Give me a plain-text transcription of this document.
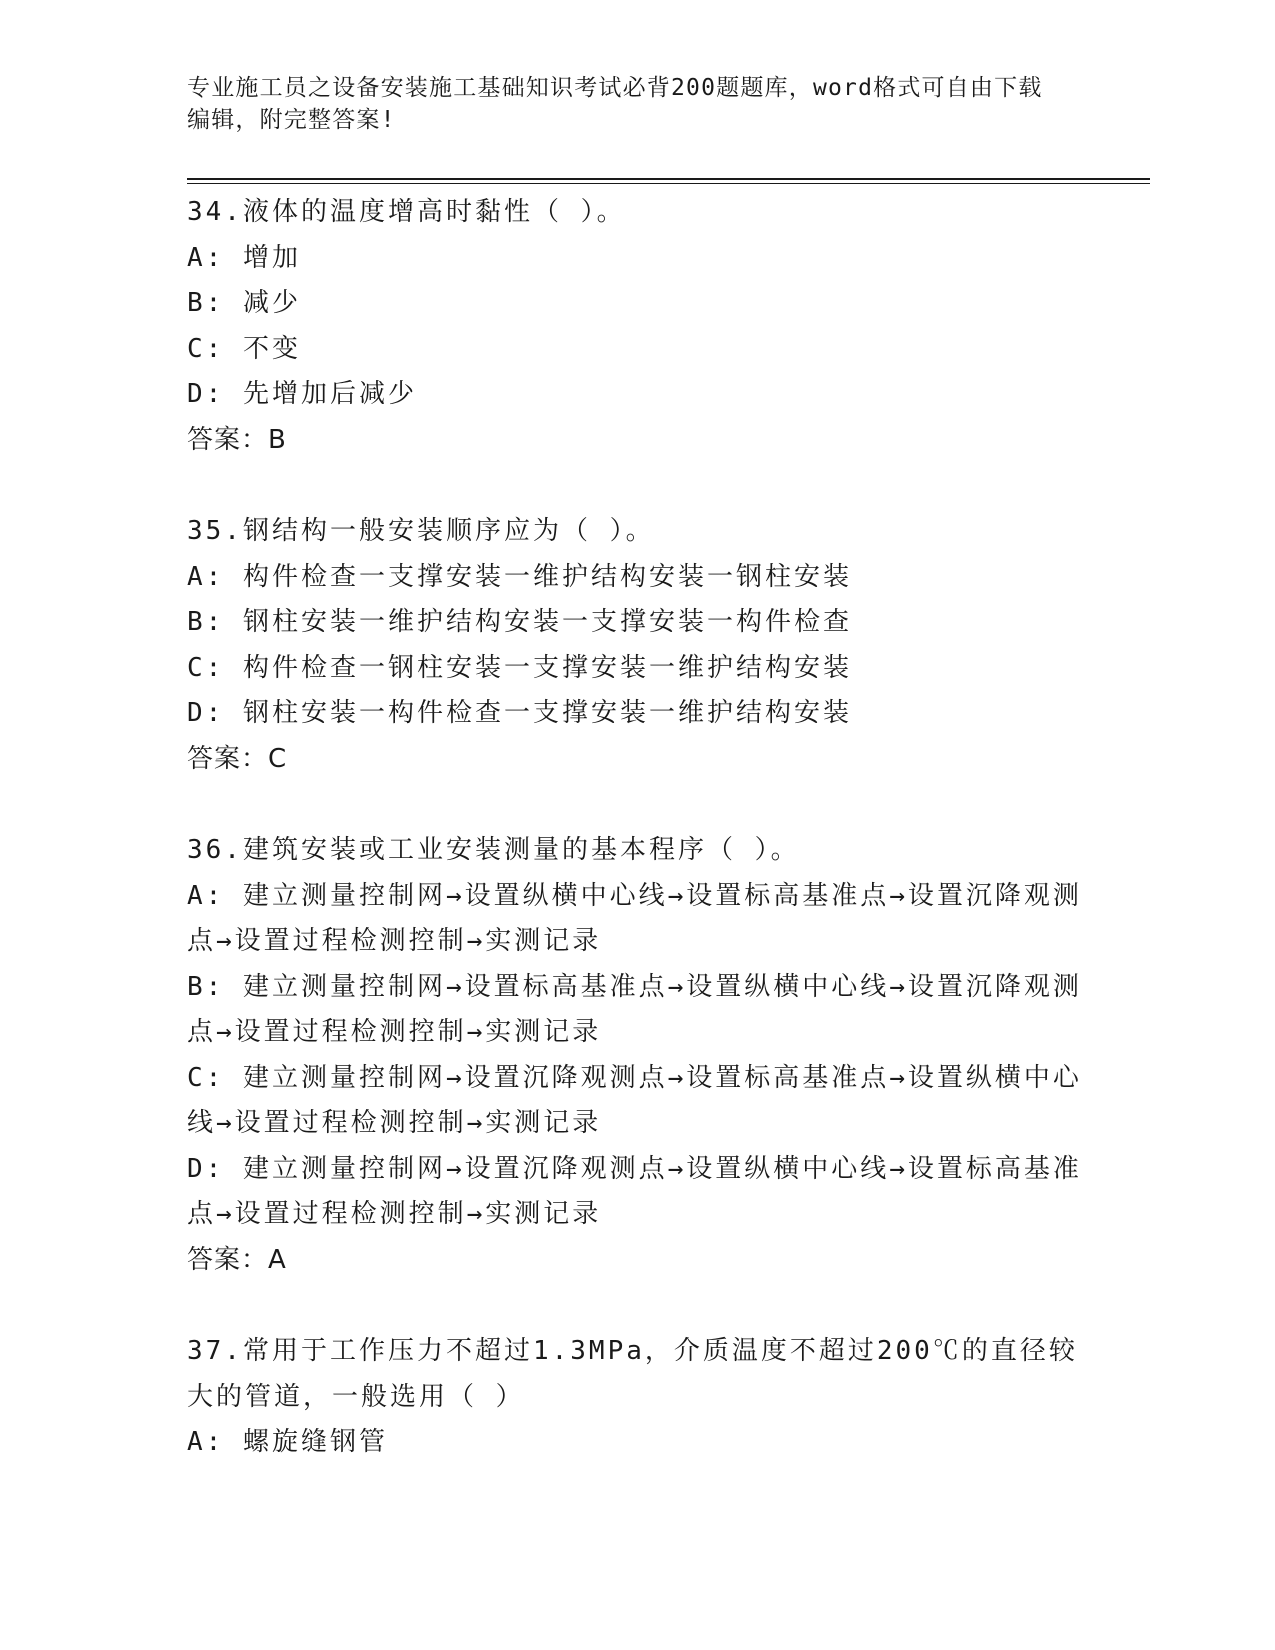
专业施工员之设备安装施工基础知识考试必背200题题库，word格式可自由下载
编辑，附完整答案!
34.液体的温度增高时黏性（ ）。
A: 增加
B: 减少
C: 不变
D: 先增加后减少
答案：B
35.钢结构一般安装顺序应为（ ）。
A: 构件检查一支撑安装一维护结构安装一钢柱安装
B: 钢柱安装一维护结构安装一支撑安装一构件检查
C: 构件检查一钢柱安装一支撑安装一维护结构安装
D: 钢柱安装一构件检查一支撑安装一维护结构安装
答案：C
36.建筑安装或工业安装测量的基本程序（ ）。
A: 建立测量控制网→设置纵横中心线→设置标高基准点→设置沉降观测点→设置过程检测控制→实测记录
B: 建立测量控制网→设置标高基准点→设置纵横中心线→设置沉降观测点→设置过程检测控制→实测记录
C: 建立测量控制网→设置沉降观测点→设置标高基准点→设置纵横中心线→设置过程检测控制→实测记录
D: 建立测量控制网→设置沉降观测点→设置纵横中心线→设置标高基准点→设置过程检测控制→实测记录
答案：A
37.常用于工作压力不超过1.3MPa，介质温度不超过200℃的直径较大的管道，一般选用（ ）
A: 螺旋缝钢管
